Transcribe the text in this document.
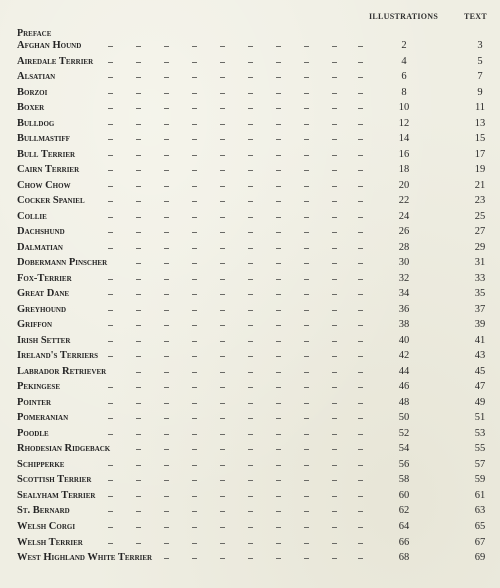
ILLUSTRATIONS	TEXT
Preface
Afghan Hound	2	3
Airedale Terrier	4	5
Alsatian	6	7
Borzoi	8	9
Boxer	10	11
Bulldog	12	13
Bullmastiff	14	15
Bull Terrier	16	17
Cairn Terrier	18	19
Chow Chow	20	21
Cocker Spaniel	22	23
Collie	24	25
Dachshund	26	27
Dalmatian	28	29
Dobermann Pinscher	30	31
Fox-Terrier	32	33
Great Dane	34	35
Greyhound	36	37
Griffon	38	39
Irish Setter	40	41
Ireland's Terriers	42	43
Labrador Retriever	44	45
Pekingese	46	47
Pointer	48	49
Pomeranian	50	51
Poodle	52	53
Rhodesian Ridgeback	54	55
Schipperke	56	57
Scottish Terrier	58	59
Sealyham Terrier	60	61
St. Bernard	62	63
Welsh Corgi	64	65
Welsh Terrier	66	67
West Highland White Terrier	68	69
